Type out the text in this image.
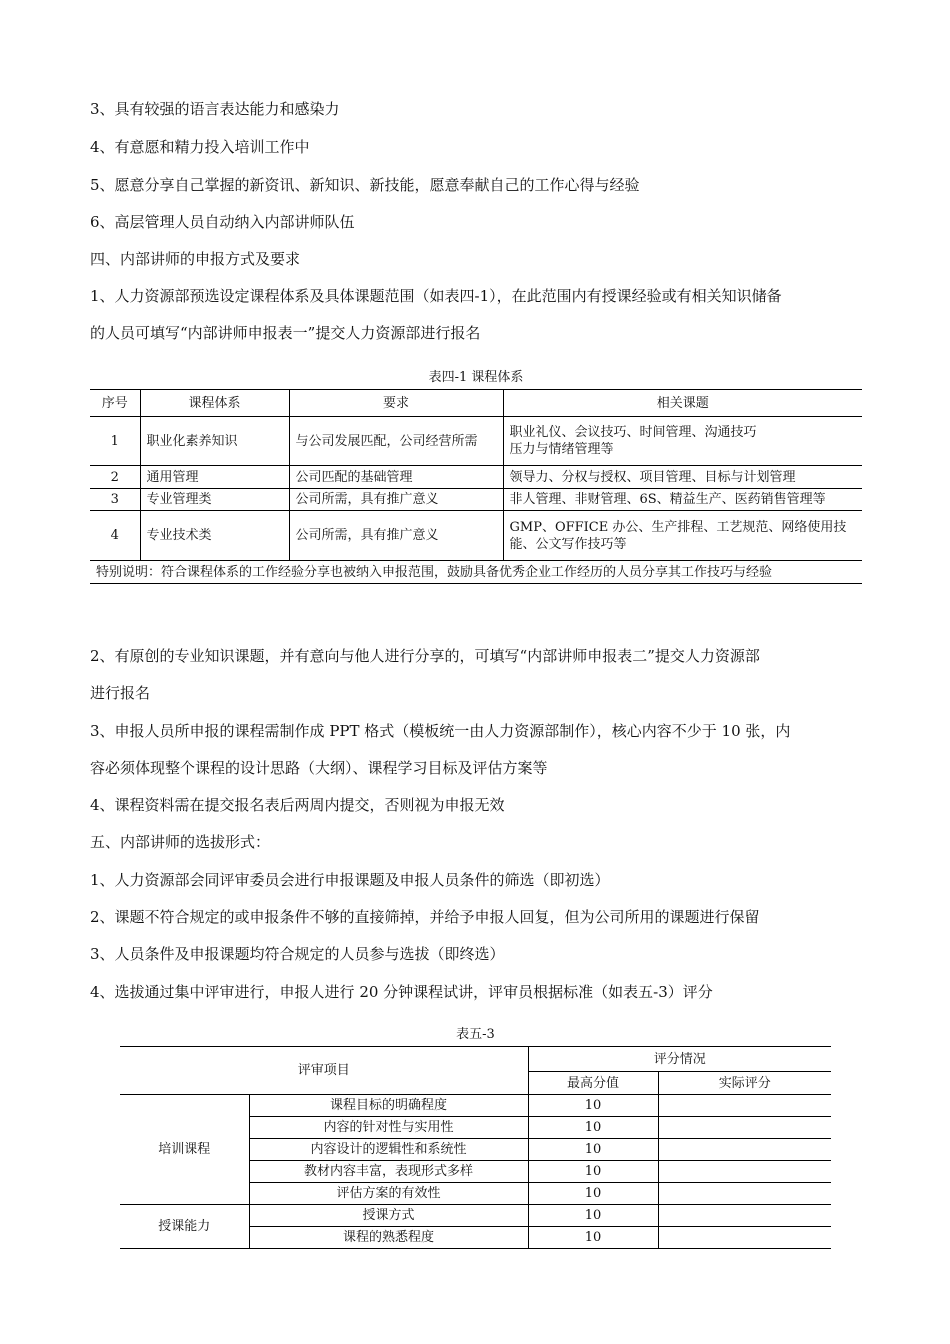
3、具有较强的语言表达能力和感染力
4、有意愿和精力投入培训工作中
5、愿意分享自己掌握的新资讯、新知识、新技能，愿意奉献自己的工作心得与经验
6、高层管理人员自动纳入内部讲师队伍
四、内部讲师的申报方式及要求
1、人力资源部预选设定课程体系及具体课题范围（如表四-1），在此范围内有授课经验或有相关知识储备
的人员可填写“内部讲师申报表一”提交人力资源部进行报名
表四-1 课程体系
序号	课程体系	要求	相关课题
1	职业化素养知识	与公司发展匹配，公司经营所需	职业礼仪、会议技巧、时间管理、沟通技巧
压力与情绪管理等

2	通用管理	公司匹配的基础管理	领导力、分权与授权、项目管理、目标与计划管理

3	专业管理类	公司所需，具有推广意义	非人管理、非财管理、6S、精益生产、医药销售管理等

4	专业技术类	公司所需，具有推广意义	GMP、OFFICE 办公、生产排程、工艺规范、网络使用技
能、公文写作技巧等

特别说明：符合课程体系的工作经验分享也被纳入申报范围，鼓励具备优秀企业工作经历的人员分享其工作技巧与经验			
2、有原创的专业知识课题，并有意向与他人进行分享的，可填写“内部讲师申报表二”提交人力资源部
进行报名
3、申报人员所申报的课程需制作成 PPT 格式（模板统一由人力资源部制作），核心内容不少于 10 张，内
容必须体现整个课程的设计思路（大纲）、课程学习目标及评估方案等
4、课程资料需在提交报名表后两周内提交，否则视为申报无效
五、内部讲师的选拔形式：
1、人力资源部会同评审委员会进行申报课题及申报人员条件的筛选（即初选）
2、课题不符合规定的或申报条件不够的直接筛掉，并给予申报人回复，但为公司所用的课题进行保留
3、人员条件及申报课题均符合规定的人员参与选拔（即终选）
4、选拔通过集中评审进行，申报人进行 20 分钟课程试讲，评审员根据标准（如表五-3）评分
表五-3
评审项目		评分情况	
		最高分值	实际评分
培训课程	课程目标的明确程度	10	
	内容的针对性与实用性	10	
	内容设计的逻辑性和系统性	10	
	教材内容丰富，表现形式多样	10	
	评估方案的有效性	10	
授课能力	授课方式	10	
	课程的熟悉程度	10	
